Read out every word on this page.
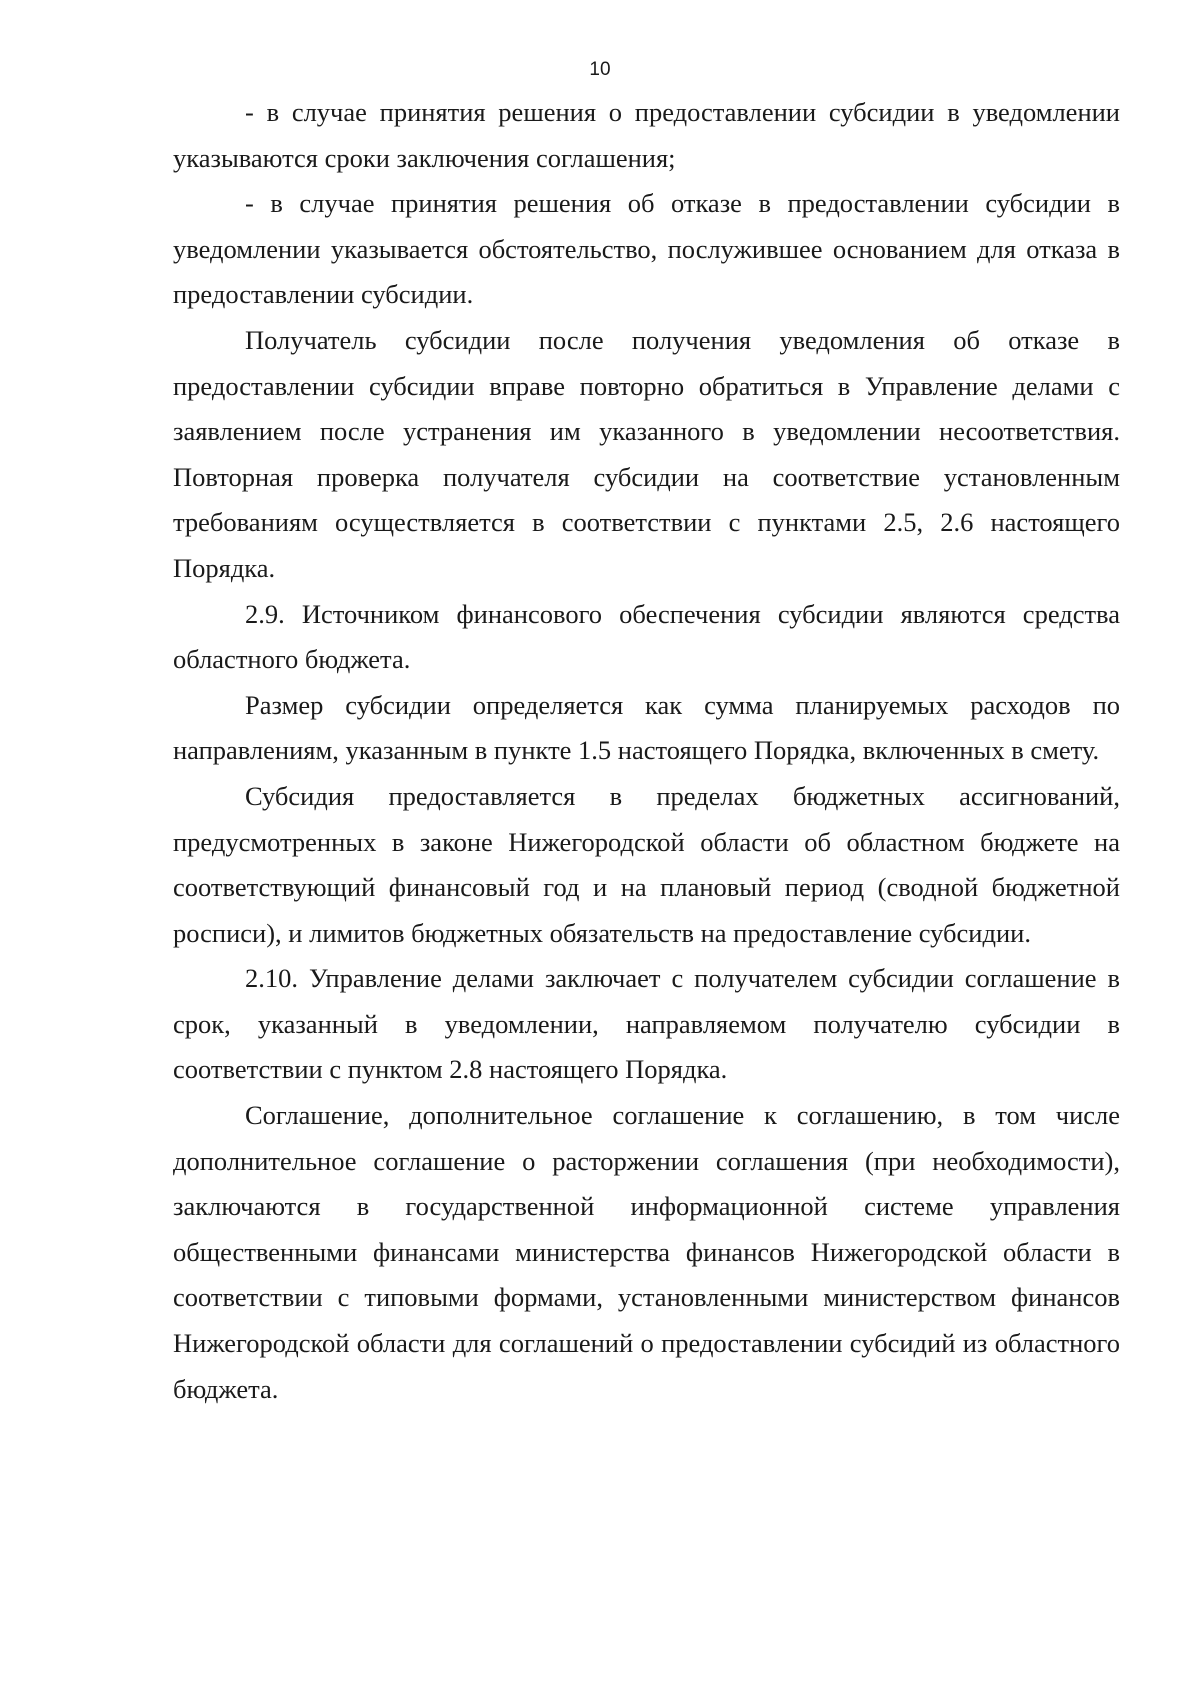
10

- в случае принятия решения о предоставлении субсидии в уведомлении указываются сроки заключения соглашения;

- в случае принятия решения об отказе в предоставлении субсидии в уведомлении указывается обстоятельство, послужившее основанием для отказа в предоставлении субсидии.

Получатель субсидии после получения уведомления об отказе в предоставлении субсидии вправе повторно обратиться в Управление делами с заявлением после устранения им указанного в уведомлении несоответствия. Повторная проверка получателя субсидии на соответствие установленным требованиям осуществляется в соответствии с пунктами 2.5, 2.6 настоящего Порядка.

2.9. Источником финансового обеспечения субсидии являются средства областного бюджета.

Размер субсидии определяется как сумма планируемых расходов по направлениям, указанным в пункте 1.5 настоящего Порядка, включенных в смету.

Субсидия предоставляется в пределах бюджетных ассигнований, предусмотренных в законе Нижегородской области об областном бюджете на соответствующий финансовый год и на плановый период (сводной бюджетной росписи), и лимитов бюджетных обязательств на предоставление субсидии.

2.10. Управление делами заключает с получателем субсидии соглашение в срок, указанный в уведомлении, направляемом получателю субсидии в соответствии с пунктом 2.8 настоящего Порядка.

Соглашение, дополнительное соглашение к соглашению, в том числе дополнительное соглашение о расторжении соглашения (при необходимости), заключаются в государственной информационной системе управления общественными финансами министерства финансов Нижегородской области в соответствии с типовыми формами, установленными министерством финансов Нижегородской области для соглашений о предоставлении субсидий из областного бюджета.
